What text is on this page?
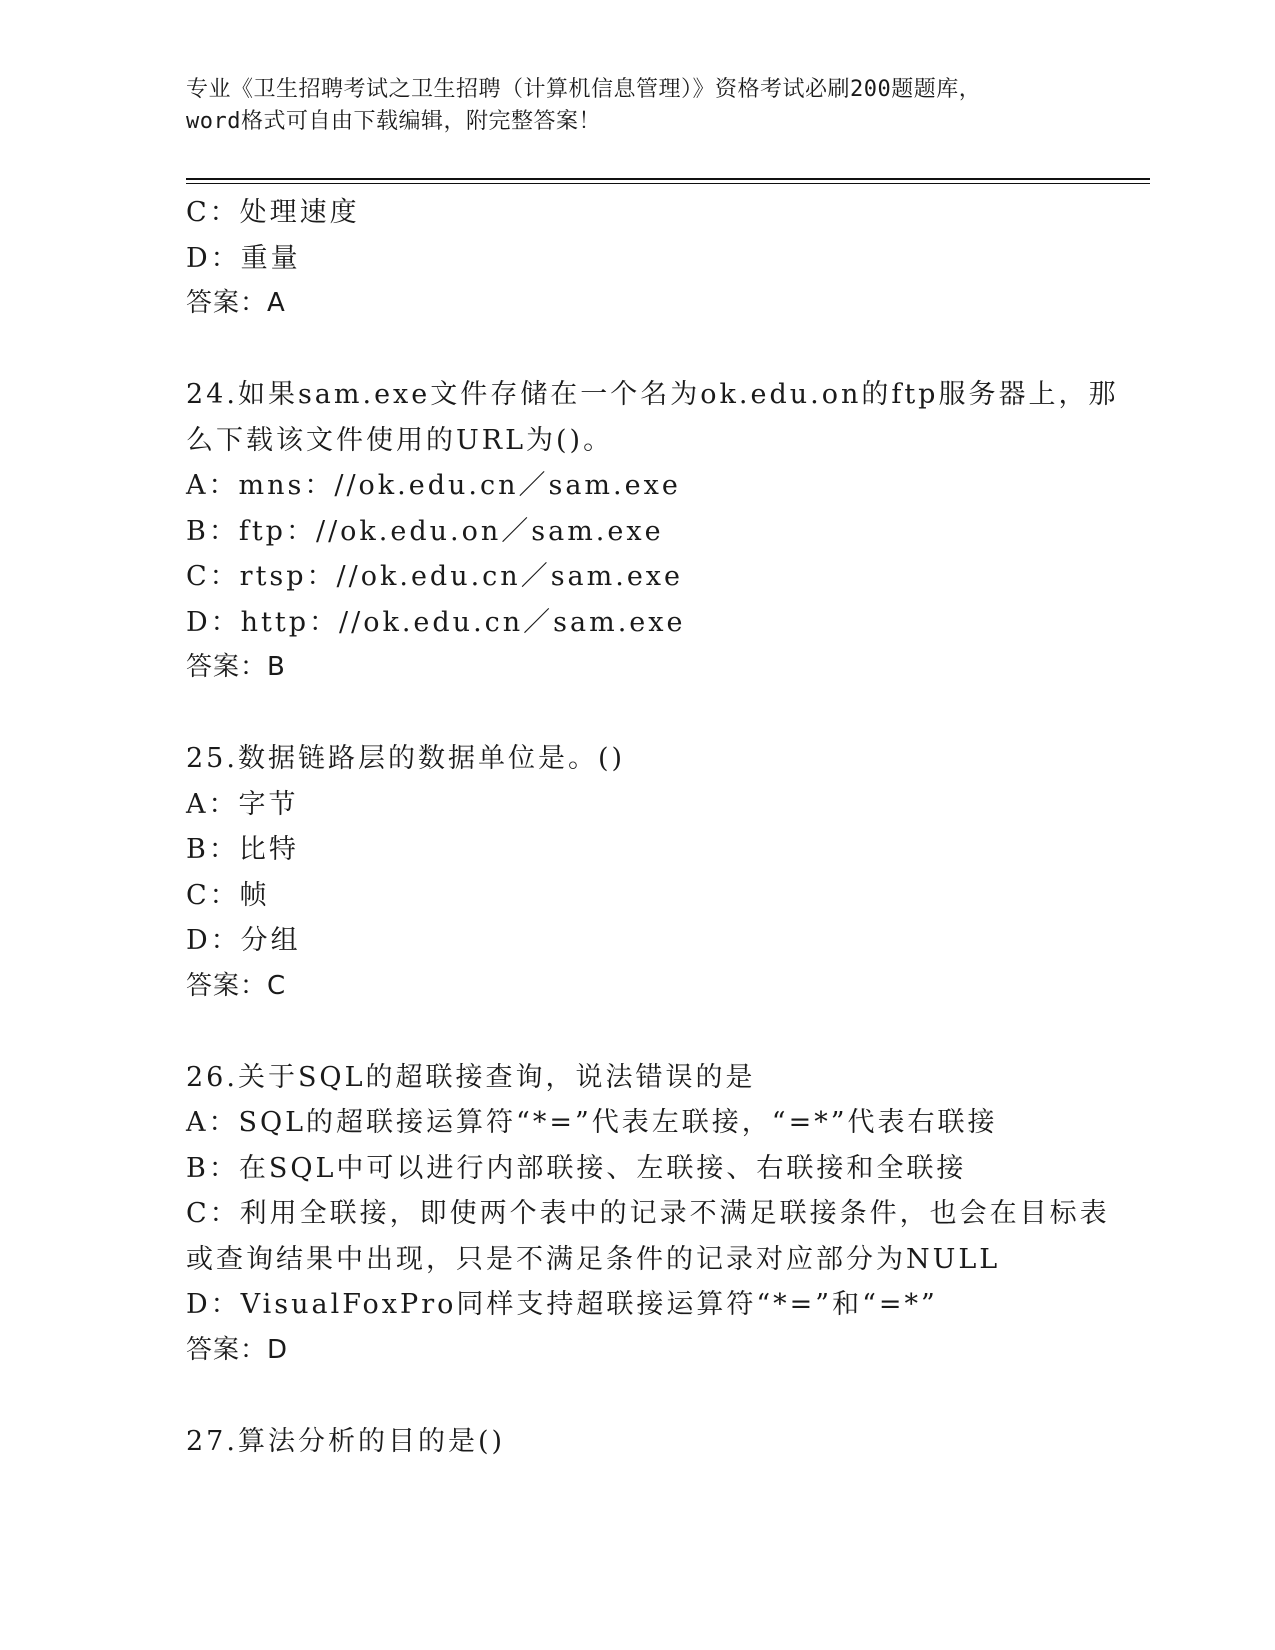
专业《卫生招聘考试之卫生招聘（计算机信息管理）》资格考试必刷200题题库，
word格式可自由下载编辑，附完整答案！
C：处理速度
D：重量
答案：A
24.如果sam.exe文件存储在一个名为ok.edu.on的ftp服务器上，那
么下载该文件使用的URL为()。
A：mns：//ok.edu.cn／sam.exe
B：ftp：//ok.edu.on／sam.exe
C：rtsp：//ok.edu.cn／sam.exe
D：http：//ok.edu.cn／sam.exe
答案：B
25.数据链路层的数据单位是。()
A：字节
B：比特
C：帧
D：分组
答案：C
26.关于SQL的超联接查询，说法错误的是
A：SQL的超联接运算符“*=”代表左联接，“=*”代表右联接
B：在SQL中可以进行内部联接、左联接、右联接和全联接
C：利用全联接，即使两个表中的记录不满足联接条件，也会在目标表
或查询结果中出现，只是不满足条件的记录对应部分为NULL
D：VisualFoxPro同样支持超联接运算符“*=”和“=*”
答案：D
27.算法分析的目的是()
